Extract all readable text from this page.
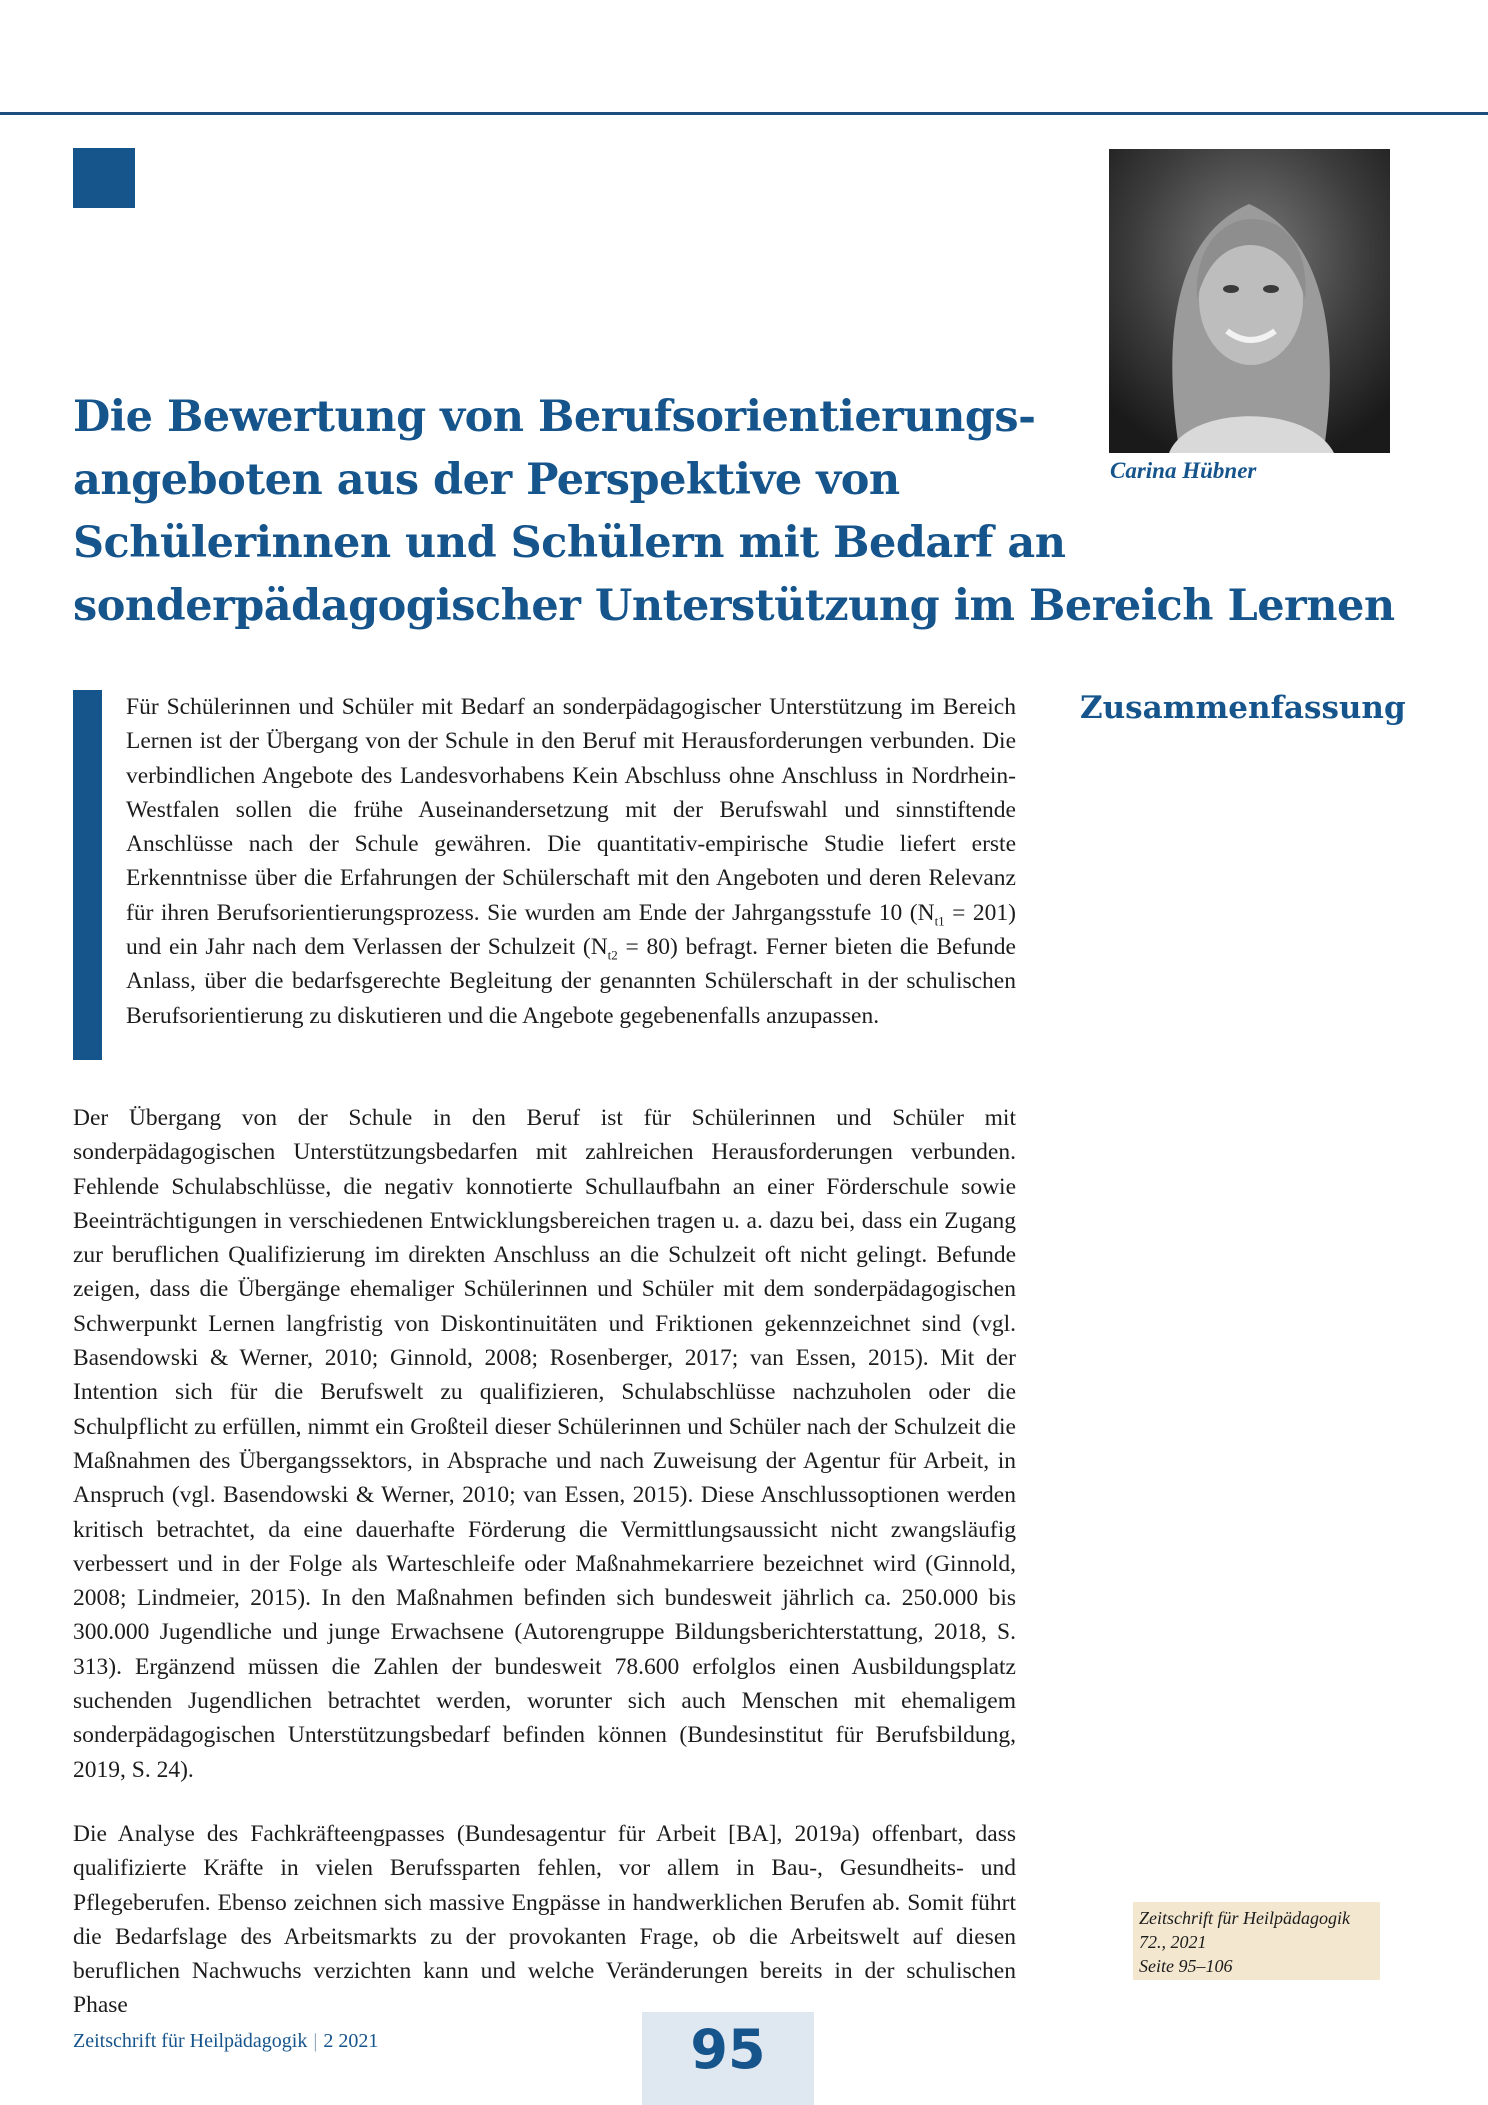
Carina Hübner
Die Bewertung von Berufsorientierungs-
angeboten aus der Perspektive von
Schülerinnen und Schülern mit Bedarf an
sonderpädagogischer Unterstützung im Bereich Lernen
Zusammenfassung

Für Schülerinnen und Schüler mit Bedarf an sonderpädagogischer Unterstützung im Bereich Lernen ist der Übergang von der Schule in den Beruf mit Herausforderungen verbunden. Die verbindlichen Angebote des Landesvorhabens Kein Abschluss ohne Anschluss in Nordrhein-Westfalen sollen die frühe Auseinandersetzung mit der Berufswahl und sinnstiftende Anschlüsse nach der Schule gewähren. Die quantitativ-empirische Studie liefert erste Erkenntnisse über die Erfahrungen der Schülerschaft mit den Angeboten und deren Relevanz für ihren Berufsorientierungsprozess. Sie wurden am Ende der Jahrgangsstufe 10 $(N_{t1} = 201)$ und ein Jahr nach dem Verlassen der Schulzeit $(N_{t2} = 80)$ befragt. Ferner bieten die Befunde Anlass, über die bedarfsgerechte Begleitung der genannten Schülerschaft in der schulischen Berufsorientierung zu diskutieren und die Angebote gegebenenfalls anzupassen.

Der Übergang von der Schule in den Beruf ist für Schülerinnen und Schüler mit sonderpädagogischen Unterstützungsbedarfen mit zahlreichen Herausforderungen verbunden. Fehlende Schulabschlüsse, die negativ konnotierte Schullaufbahn an einer Förderschule sowie Beeinträchtigungen in verschiedenen Entwicklungsbereichen tragen u. a. dazu bei, dass ein Zugang zur beruflichen Qualifizierung im direkten Anschluss an die Schulzeit oft nicht gelingt. Befunde zeigen, dass die Übergänge ehemaliger Schülerinnen und Schüler mit dem sonderpädagogischen Schwerpunkt Lernen langfristig von Diskontinuitäten und Friktionen gekennzeichnet sind (vgl. Basendowski & Werner, 2010; Ginnold, 2008; Rosenberger, 2017; van Essen, 2015). Mit der Intention sich für die Berufswelt zu qualifizieren, Schulabschlüsse nachzuholen oder die Schulpflicht zu erfüllen, nimmt ein Großteil dieser Schülerinnen und Schüler nach der Schulzeit die Maßnahmen des Übergangssektors, in Absprache und nach Zuweisung der Agentur für Arbeit, in Anspruch (vgl. Basendowski & Werner, 2010; van Essen, 2015). Diese Anschlussoptionen werden kritisch betrachtet, da eine dauerhafte Förderung die Vermittlungsaussicht nicht zwangsläufig verbessert und in der Folge als Warteschleife oder Maßnahmekarriere bezeichnet wird (Ginnold, 2008; Lindmeier, 2015). In den Maßnahmen befinden sich bundesweit jährlich ca. 250.000 bis 300.000 Jugendliche und junge Erwachsene (Autorengruppe Bildungsberichterstattung, 2018, S. 313). Ergänzend müssen die Zahlen der bundesweit 78.600 erfolglos einen Ausbildungsplatz suchenden Jugendlichen betrachtet werden, worunter sich auch Menschen mit ehemaligem sonderpädagogischen Unterstützungsbedarf befinden können (Bundesinstitut für Berufsbildung, 2019, S. 24).

Die Analyse des Fachkräfteengpasses (Bundesagentur für Arbeit [BA], 2019a) offenbart, dass qualifizierte Kräfte in vielen Berufssparten fehlen, vor allem in Bau-, Gesundheits- und Pflegeberufen. Ebenso zeichnen sich massive Engpässe in handwerklichen Berufen ab. Somit führt die Bedarfslage des Arbeitsmarkts zu der provokanten Frage, ob die Arbeitswelt auf diesen beruflichen Nachwuchs verzichten kann und welche Veränderungen bereits in der schulischen Phase

Zeitschrift für Heilpädagogik
72., 2021
Seite 95–106
Zeitschrift für Heilpädagogik | 2 2021	95
